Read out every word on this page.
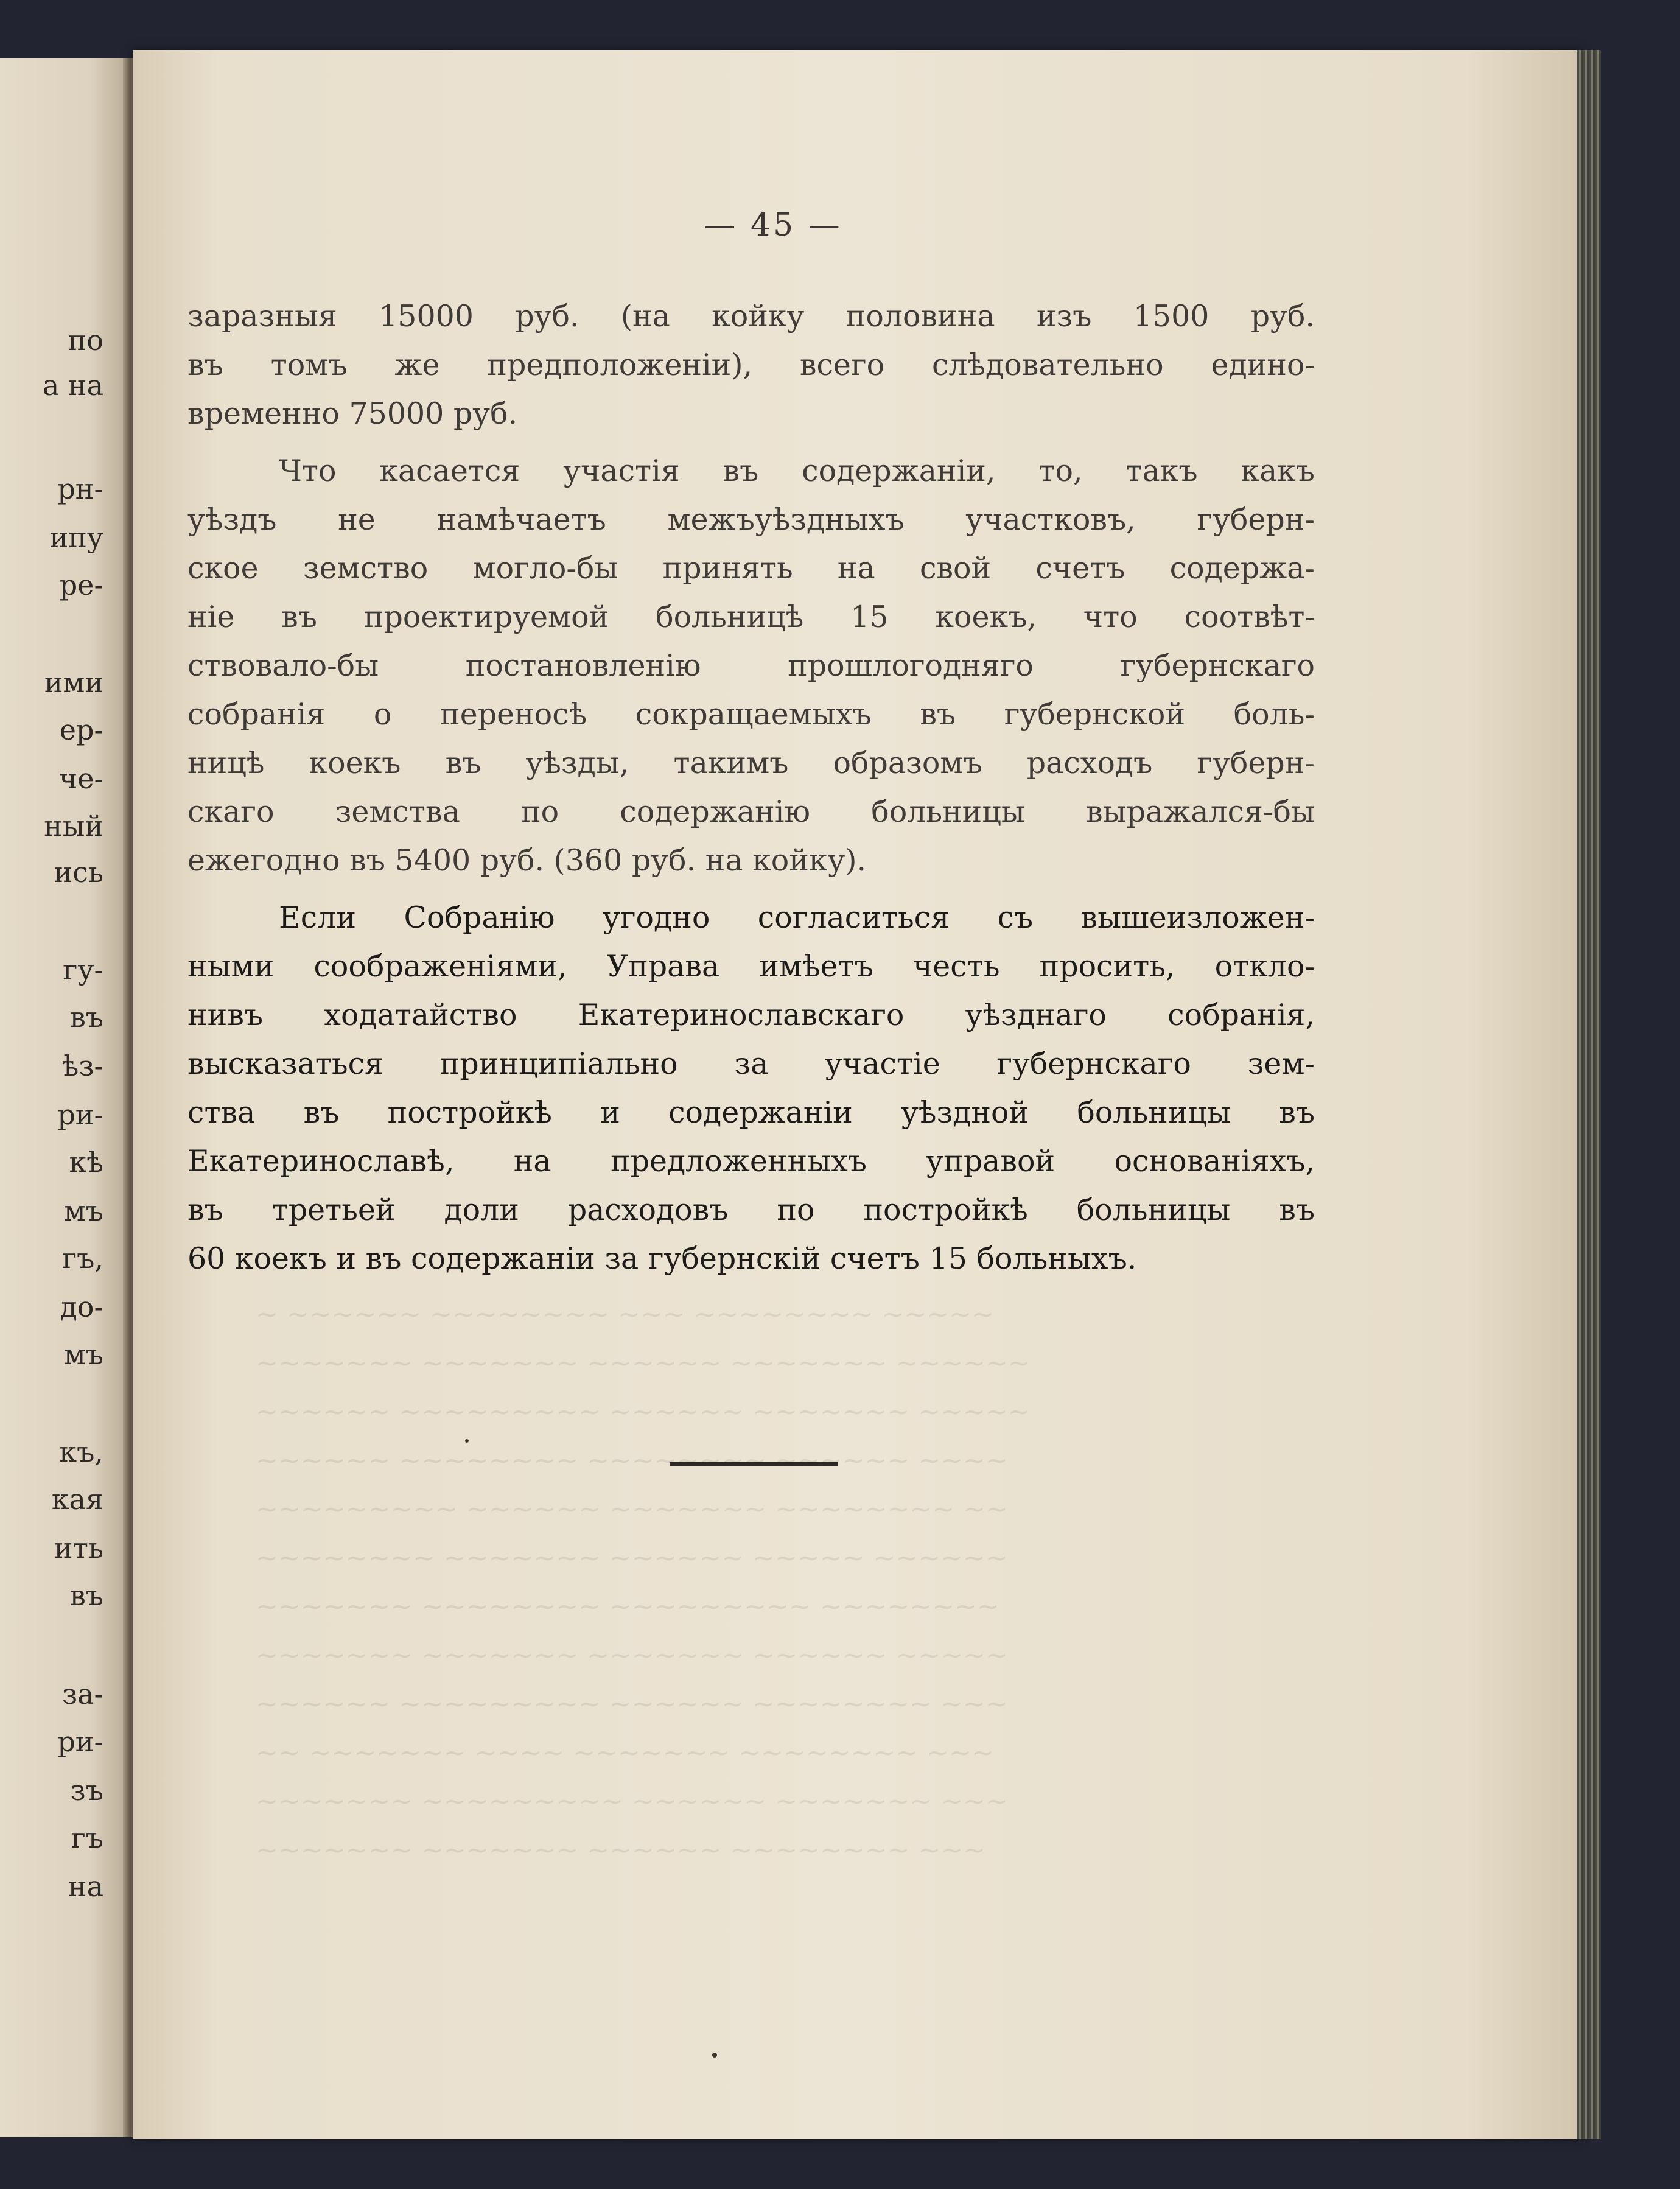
по
а на
рн-
ипу
ре-
ими
ер-
че-
ный
ись
гу-
въ
ѣз-
ри-
кѣ
мъ
гъ,
до-
мъ
къ,
кая
ить
въ
за-
ри-
зъ
гъ
на
— 45 —
заразныя 15000 руб. (на койку половина изъ 1500 руб.
въ томъ же предположеніи), всего слѣдовательно едино-
временно 75000 руб.
Что касается участія въ содержаніи, то, такъ какъ
уѣздъ не намѣчаетъ межъуѣздныхъ участковъ, губерн-
ское земство могло-бы принять на свой счетъ содержа-
ніе въ проектируемой больницѣ 15 коекъ, что соотвѣт-
ствовало-бы постановленію прошлогодняго губернскаго
собранія о переносѣ сокращаемыхъ въ губернской боль-
ницѣ коекъ въ уѣзды, такимъ образомъ расходъ губерн-
скаго земства по содержанію больницы выражался-бы
ежегодно въ 5400 руб. (360 руб. на койку).
Если Собранію угодно согласиться съ вышеизложен-
ными соображеніями, Управа имѣетъ честь просить, откло-
нивъ ходатайство Екатеринославскаго уѣзднаго собранія,
высказаться принципіально за участіе губернскаго зем-
ства въ постройкѣ и содержаніи уѣздной больницы въ
Екатеринославѣ, на предложенныхъ управой основаніяхъ,
въ третьей доли расходовъ по постройкѣ больницы въ
60 коекъ и въ содержаніи за губернскій счетъ 15 больныхъ.
